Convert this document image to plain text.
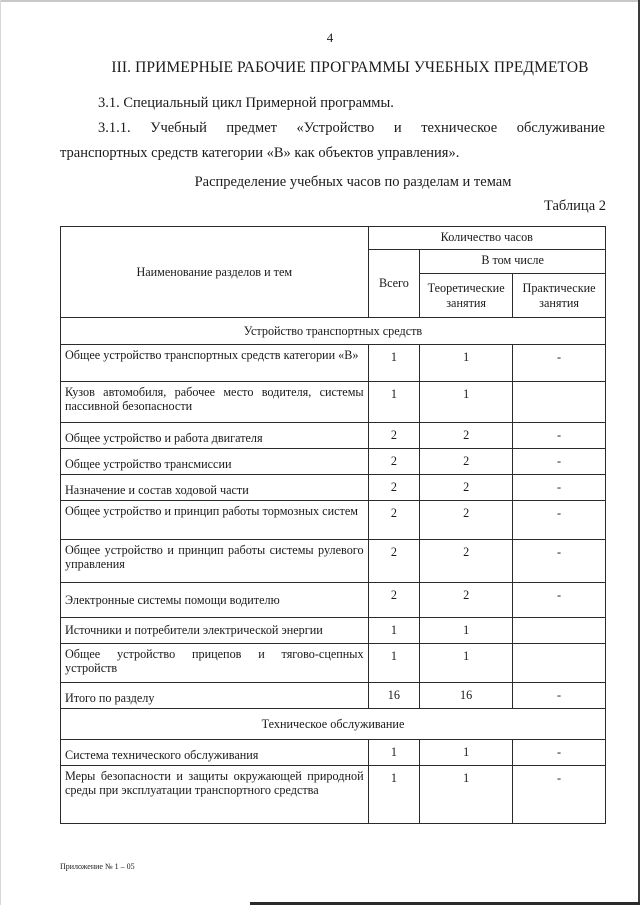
4
III. ПРИМЕРНЫЕ РАБОЧИЕ ПРОГРАММЫ УЧЕБНЫХ ПРЕДМЕТОВ
3.1. Специальный цикл Примерной программы.
3.1.1. Учебный предмет «Устройство и техническое обслуживание
транспортных средств категории «B» как объектов управления».
Распределение учебных часов по разделам и темам
Таблица 2
Наименование разделов и тем	Количество часов		
	Всего	В том числе	
		Теоретические занятия	Практические занятия
Устройство транспортных средств			
Общее устройство транспортных средств категории «B»	1	1	-
Кузов автомобиля, рабочее место водителя, системы пассивной безопасности	1	1	
Общее устройство и работа двигателя	2	2	-
Общее устройство трансмиссии	2	2	-
Назначение и состав ходовой части	2	2	-
Общее устройство и принцип работы тормозных систем	2	2	-
Общее устройство и принцип работы системы рулевого управления	2	2	-
Электронные системы помощи водителю	2	2	-
Источники и потребители электрической энергии	1	1	
Общее устройство прицепов и тягово-сцепных устройств	1	1	
Итого по разделу	16	16	-
Техническое обслуживание			
Система технического обслуживания	1	1	-
Меры безопасности и защиты окружающей природной среды при эксплуатации транспортного средства	1	1	-
Приложение № 1 – 05
